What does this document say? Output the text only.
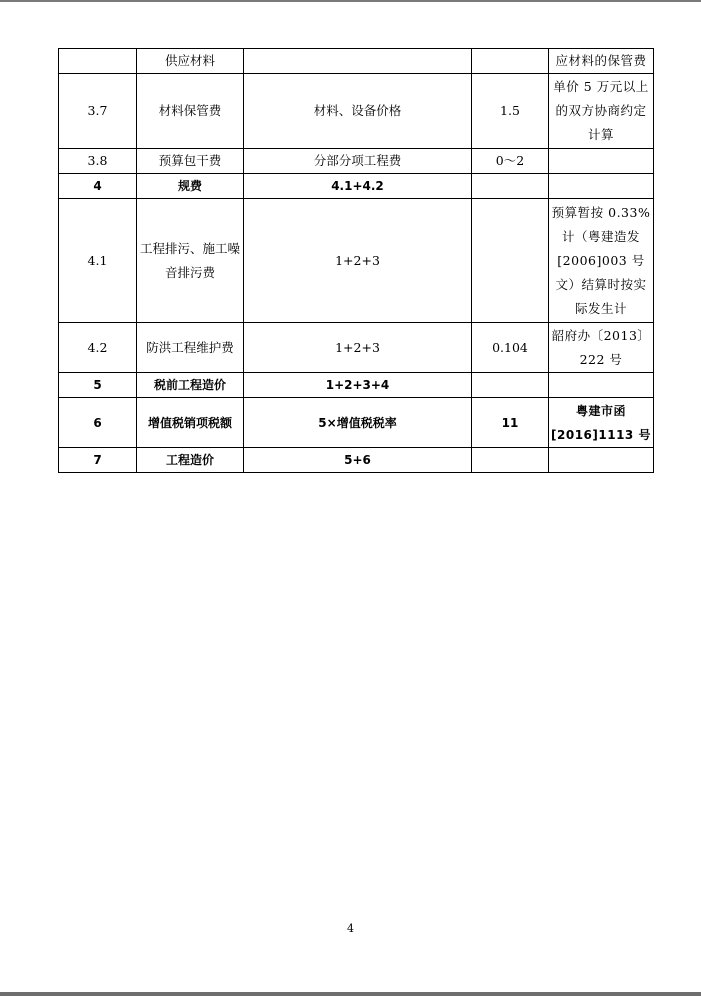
	供应材料			应材料的保管费
3.7	材料保管费	材料、设备价格	1.5	单价 5 万元以上的双方协商约定计算
3.8	预算包干费	分部分项工程费	0～2	
4	规费	4.1+4.2		
4.1	工程排污、施工噪音排污费	1+2+3		预算暂按 0.33%计（粤建造发[2006]003 号文）结算时按实际发生计
4.2	防洪工程维护费	1+2+3	0.104	韶府办〔2013〕222 号
5	税前工程造价	1+2+3+4		
6	增值税销项税额	5×增值税税率	11	粤建市函[2016]1113 号
7	工程造价	5+6		
4
